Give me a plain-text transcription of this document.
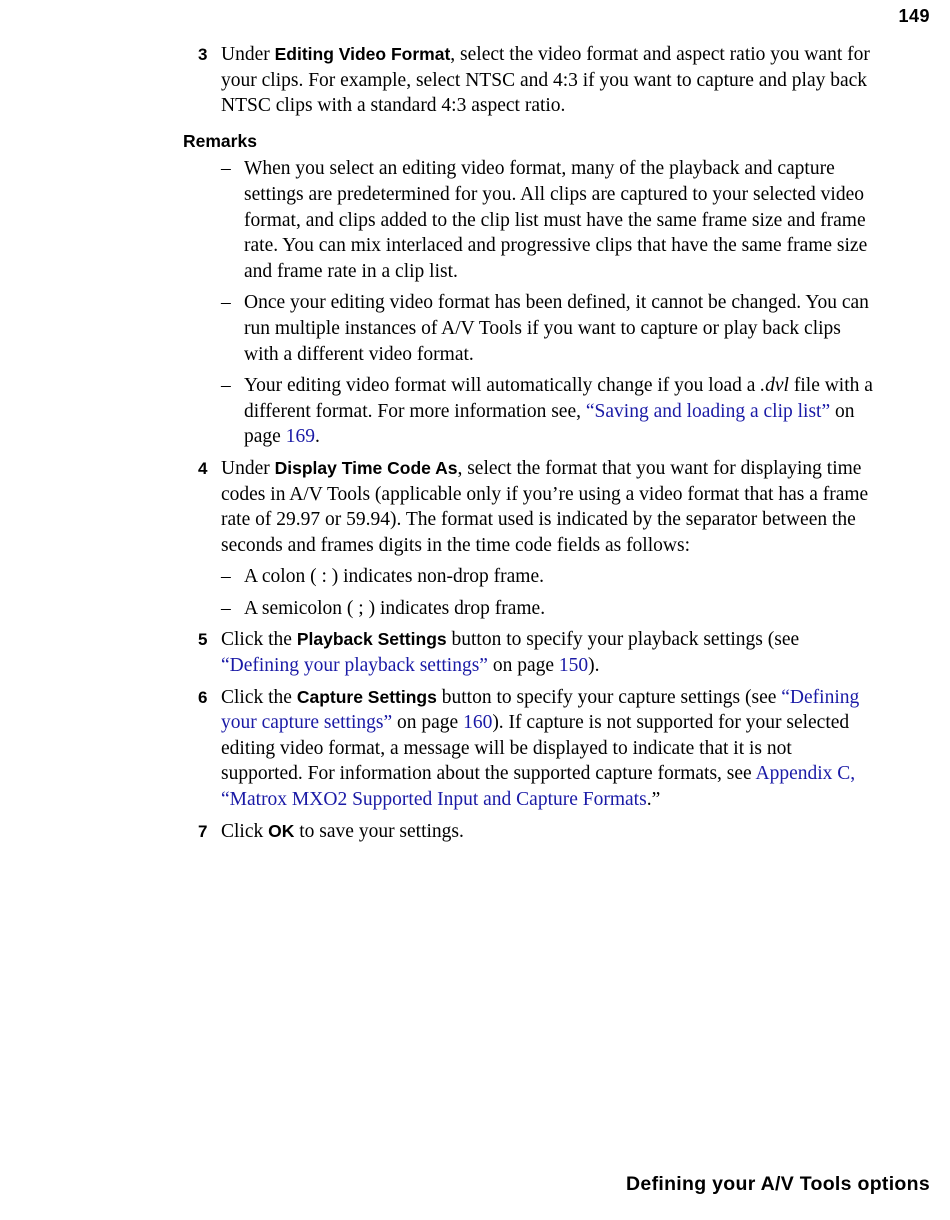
149
3 Under Editing Video Format, select the video format and aspect ratio you want for your clips. For example, select NTSC and 4:3 if you want to capture and play back NTSC clips with a standard 4:3 aspect ratio.
Remarks
– When you select an editing video format, many of the playback and capture settings are predetermined for you. All clips are captured to your selected video format, and clips added to the clip list must have the same frame size and frame rate. You can mix interlaced and progressive clips that have the same frame size and frame rate in a clip list.
– Once your editing video format has been defined, it cannot be changed. You can run multiple instances of A/V Tools if you want to capture or play back clips with a different video format.
– Your editing video format will automatically change if you load a .dvl file with a different format. For more information see, “Saving and loading a clip list” on page 169.
4 Under Display Time Code As, select the format that you want for displaying time codes in A/V Tools (applicable only if you’re using a video format that has a frame rate of 29.97 or 59.94). The format used is indicated by the separator between the seconds and frames digits in the time code fields as follows:
– A colon ( : ) indicates non-drop frame.
– A semicolon ( ; ) indicates drop frame.
5 Click the Playback Settings button to specify your playback settings (see “Defining your playback settings” on page 150).
6 Click the Capture Settings button to specify your capture settings (see “Defining your capture settings” on page 160). If capture is not supported for your selected editing video format, a message will be displayed to indicate that it is not supported. For information about the supported capture formats, see Appendix C, “Matrox MXO2 Supported Input and Capture Formats.”
7 Click OK to save your settings.
Defining your A/V Tools options
